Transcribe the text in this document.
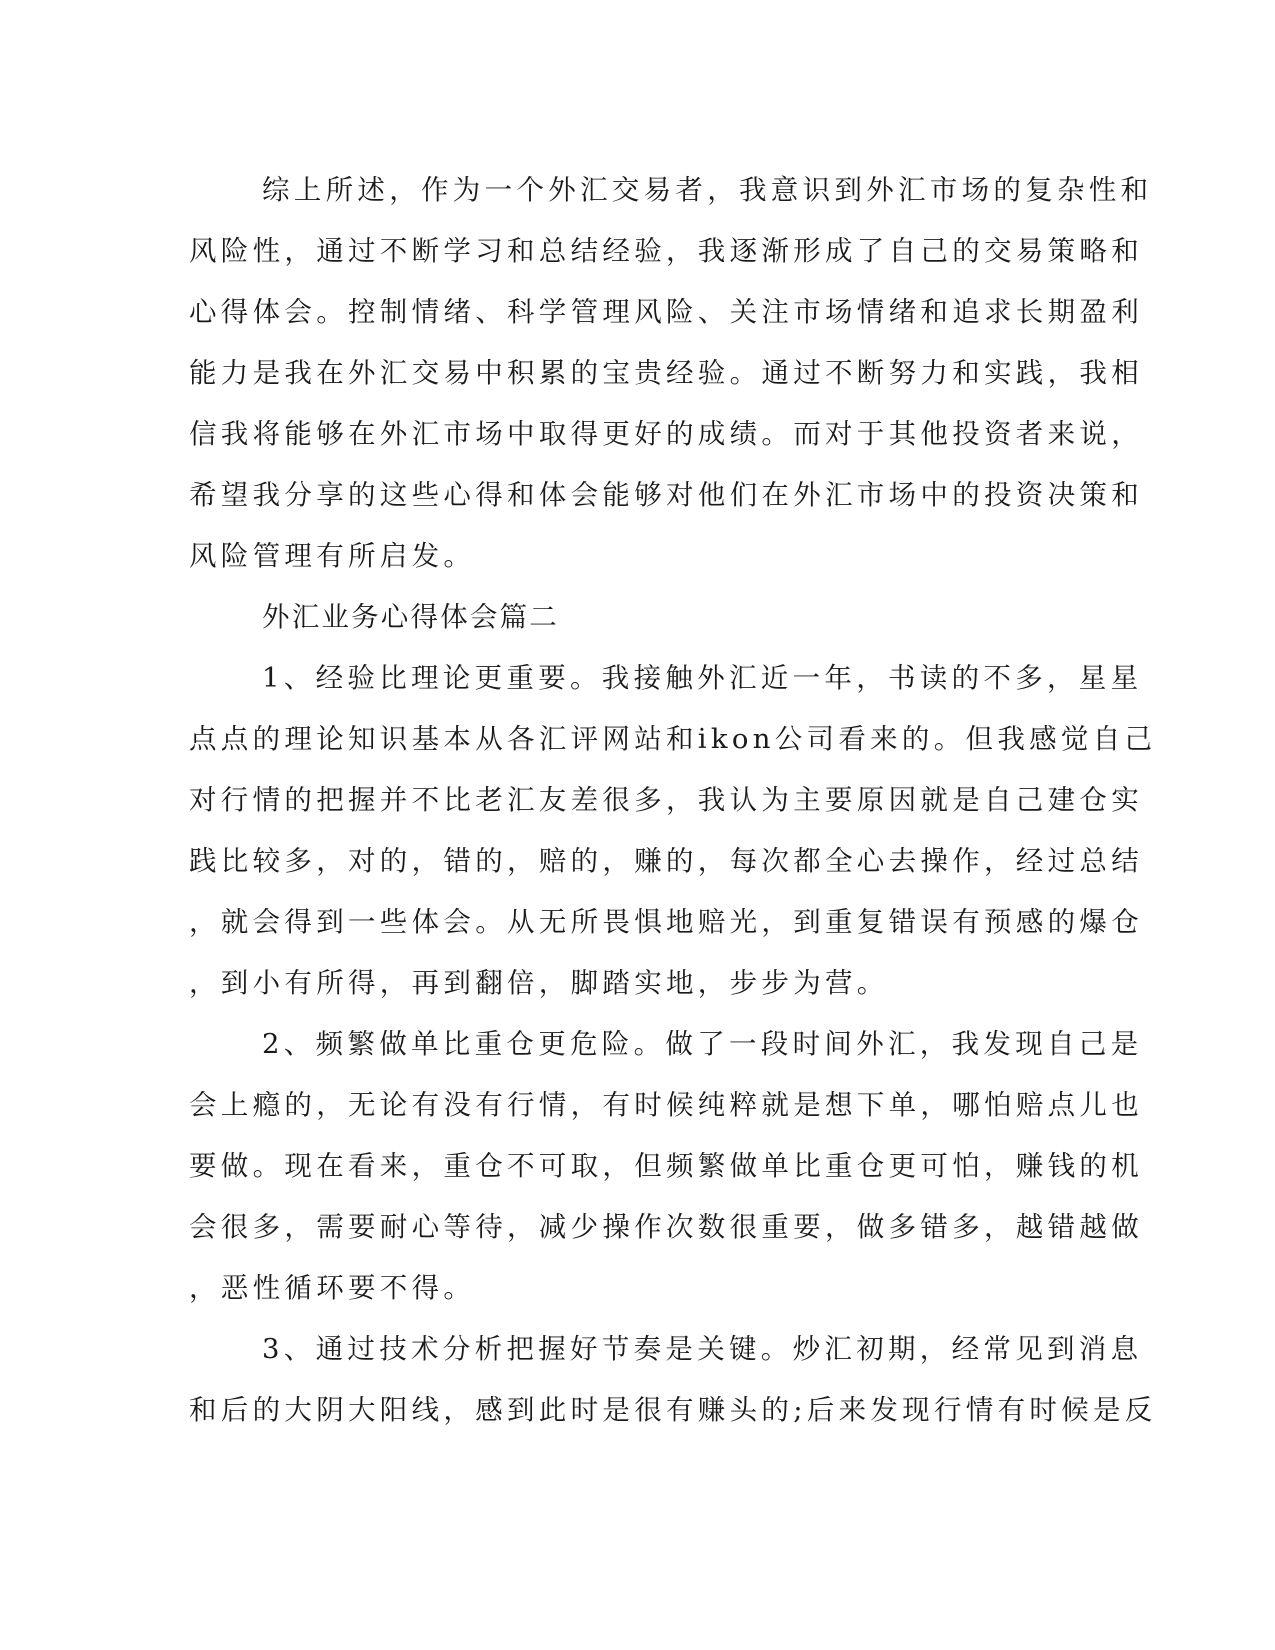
综上所述，作为一个外汇交易者，我意识到外汇市场的复杂性和
风险性，通过不断学习和总结经验，我逐渐形成了自己的交易策略和
心得体会。控制情绪、科学管理风险、关注市场情绪和追求长期盈利
能力是我在外汇交易中积累的宝贵经验。通过不断努力和实践，我相
信我将能够在外汇市场中取得更好的成绩。而对于其他投资者来说，
希望我分享的这些心得和体会能够对他们在外汇市场中的投资决策和
风险管理有所启发。
外汇业务心得体会篇二
1、经验比理论更重要。我接触外汇近一年，书读的不多，星星
点点的理论知识基本从各汇评网站和ikon公司看来的。但我感觉自己
对行情的把握并不比老汇友差很多，我认为主要原因就是自己建仓实
践比较多，对的，错的，赔的，赚的，每次都全心去操作，经过总结
，就会得到一些体会。从无所畏惧地赔光，到重复错误有预感的爆仓
，到小有所得，再到翻倍，脚踏实地，步步为营。
2、频繁做单比重仓更危险。做了一段时间外汇，我发现自己是
会上瘾的，无论有没有行情，有时候纯粹就是想下单，哪怕赔点儿也
要做。现在看来，重仓不可取，但频繁做单比重仓更可怕，赚钱的机
会很多，需要耐心等待，减少操作次数很重要，做多错多，越错越做
，恶性循环要不得。
3、通过技术分析把握好节奏是关键。炒汇初期，经常见到消息
和后的大阴大阳线，感到此时是很有赚头的;后来发现行情有时候是反
